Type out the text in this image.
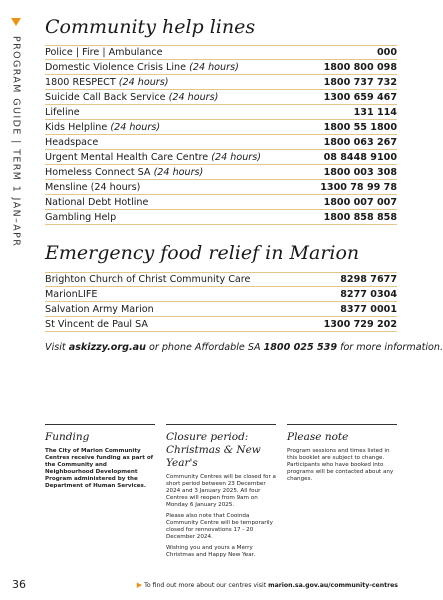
PROGRAM GUIDE | TERM 1 JAN–APR
Community help lines
Police | Fire | Ambulance	000
Domestic Violence Crisis Line (24 hours)	1800 800 098
1800 RESPECT (24 hours)	1800 737 732
Suicide Call Back Service (24 hours)	1300 659 467
Lifeline	131 114
Kids Helpline (24 hours)	1800 55 1800
Headspace	1800 063 267
Urgent Mental Health Care Centre (24 hours)	08 8448 9100
Homeless Connect SA (24 hours)	1800 003 308
Mensline (24 hours)	1300 78 99 78
National Debt Hotline	1800 007 007
Gambling Help	1800 858 858
Emergency food relief in Marion
Brighton Church of Christ Community Care	8298 7677
MarionLIFE	8277 0304
Salvation Army Marion	8377 0001
St Vincent de Paul SA	1300 729 202
Visit askizzy.org.au or phone Affordable SA 1800 025 539 for more information.
Funding

The City of Marion Community Centres receive funding as part of the Community and Neighbourhood Development Program administered by the Department of Human Services.

Closure period: Christmas & New Year's

Community Centres will be closed for a short period between 23 December 2024 and 3 January 2025. All four Centres will reopen from 9am on Monday 6 January 2025.

Please also note that Cooinda Community Centre will be temporarily closed for rennovations 17 - 20 December 2024.

Wishing you and yours a Merry Christmas and Happy New Year.

Please note

Program sessions and times listed in this booklet are subject to change. Participants who have booked into programs will be contacted about any changes.

36	▶ To find out more about our centres visit marion.sa.gov.au/community-centres
